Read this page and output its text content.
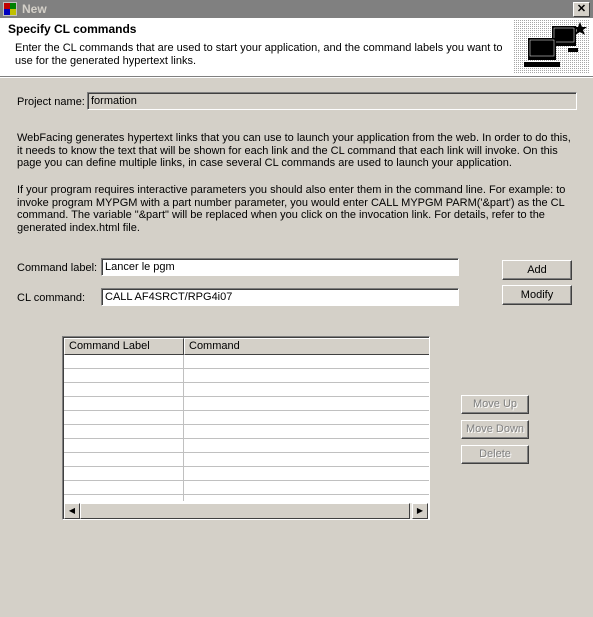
New	✕
Specify CL commands
Enter the CL commands that are used to start your application, and the command labels you want to use for the generated hypertext links.
Project name: formation
WebFacing generates hypertext links that you can use to launch your application from the web. In order to do this, it needs to know the text that will be shown for each link and the CL command that each link will invoke. On this page you can define multiple links, in case several CL commands are used to launch your application.
If your program requires interactive parameters you should also enter them in the command line. For example: to invoke program MYPGM with a part number parameter, you would enter CALL MYPGM PARM('&part') as the CL command. The variable "&part" will be replaced when you click on the invocation link. For details, refer to the generated index.html file.
Command label: Lancer le pgm
CL command:	CALL AF4SRCT/RPG4i07
Add
Modify
Command Label	Command
◀	▶
Move Up
Move Down
Delete
